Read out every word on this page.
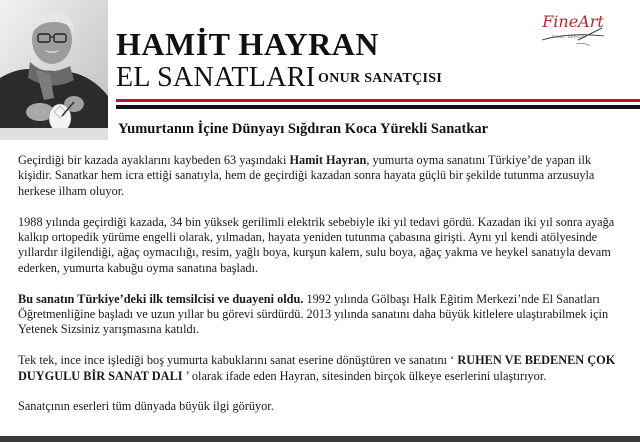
HAMİT HAYRAN
EL SANATLARI ONUR SANATÇISI
FineArt
SANAT DERGİSİ
Yumurtanın İçine Dünyayı Sığdıran Koca Yürekli Sanatkar

Geçirdiği bir kazada ayaklarını kaybeden 63 yaşındaki Hamit Hayran, yumurta oyma sanatını Türkiye’de yapan ilk kişidir. Sanatkar hem icra ettiği sanatıyla, hem de geçirdiği kazadan sonra hayata güçlü bir şekilde tutunma arzusuyla herkese ilham oluyor.

1988 yılında geçirdiği kazada, 34 bin yüksek gerilimli elektrik sebebiyle iki yıl tedavi gördü. Kazadan iki yıl sonra ayağa kalkıp ortopedik yürüme engelli olarak, yılmadan, hayata yeniden tutunma çabasına girişti. Aynı yıl kendi atölyesinde yıllardır ilgilendiği, ağaç oymacılığı, resim, yağlı boya, kurşun kalem, sulu boya, ağaç yakma ve heykel sanatıyla devam ederken, yumurta kabuğu oyma sanatına başladı.

Bu sanatın Türkiye’deki ilk temsilcisi ve duayeni oldu. 1992 yılında Gölbaşı Halk Eğitim Merkezi’nde El Sanatları Öğretmenliğine başladı ve uzun yıllar bu görevi sürdürdü. 2013 yılında sanatını daha büyük kitlelere ulaştırabilmek için Yetenek Sizsiniz yarışmasına katıldı.

Tek tek, ince ince işlediği boş yumurta kabuklarını sanat eserine dönüştüren ve sanatını ‘ RUHEN VE BEDENEN ÇOK DUYGULU BİR SANAT DALI ’ olarak ifade eden Hayran, sitesinden birçok ülkeye eserlerini ulaştırıyor.

Sanatçının eserleri tüm dünyada büyük ilgi görüyor.
